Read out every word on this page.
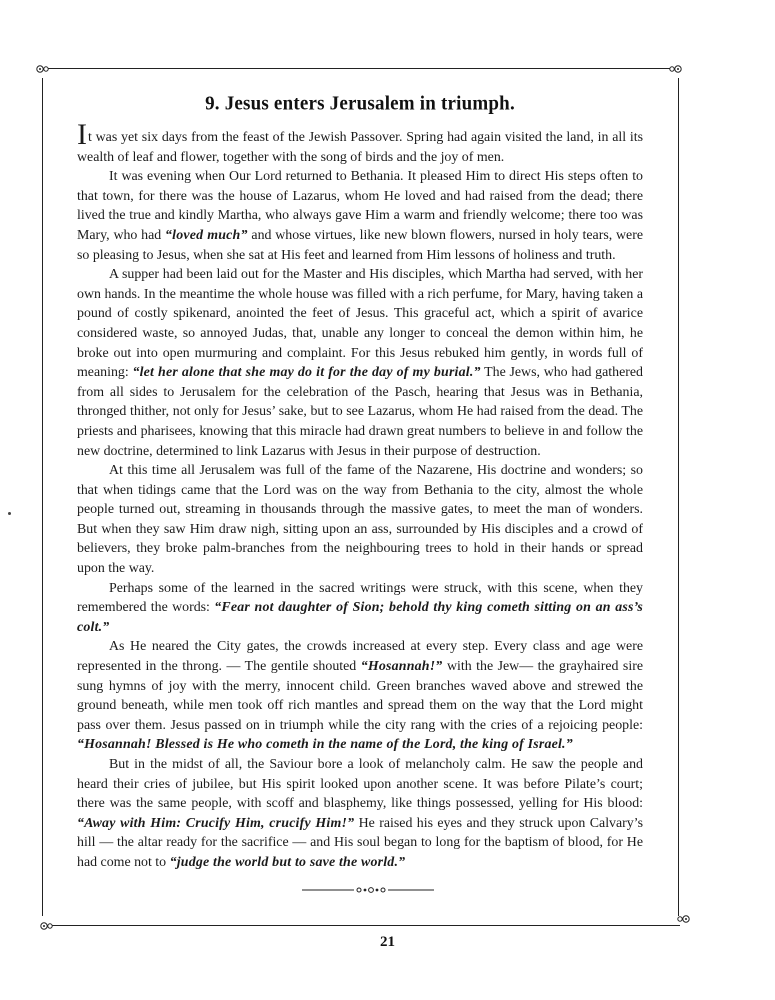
9. Jesus enters Jerusalem in triumph.

It was yet six days from the feast of the Jewish Passover. Spring had again visited the land, in all its wealth of leaf and flower, together with the song of birds and the joy of men.

It was evening when Our Lord returned to Bethania. It pleased Him to direct His steps often to that town, for there was the house of Lazarus, whom He loved and had raised from the dead; there lived the true and kindly Martha, who always gave Him a warm and friendly welcome; there too was Mary, who had “loved much” and whose virtues, like new blown flowers, nursed in holy tears, were so pleasing to Jesus, when she sat at His feet and learned from Him lessons of holiness and truth.

A supper had been laid out for the Master and His disciples, which Martha had served, with her own hands. In the meantime the whole house was filled with a rich perfume, for Mary, having taken a pound of costly spikenard, anointed the feet of Jesus. This graceful act, which a spirit of avarice considered waste, so annoyed Judas, that, unable any longer to conceal the demon within him, he broke out into open murmuring and complaint. For this Jesus rebuked him gently, in words full of meaning: “let her alone that she may do it for the day of my burial.” The Jews, who had gathered from all sides to Jerusalem for the celebration of the Pasch, hearing that Jesus was in Bethania, thronged thither, not only for Jesus’ sake, but to see Lazarus, whom He had raised from the dead. The priests and pharisees, knowing that this miracle had drawn great numbers to believe in and follow the new doctrine, determined to link Lazarus with Jesus in their purpose of destruction.

At this time all Jerusalem was full of the fame of the Nazarene, His doctrine and wonders; so that when tidings came that the Lord was on the way from Bethania to the city, almost the whole people turned out, streaming in thousands through the massive gates, to meet the man of wonders. But when they saw Him draw nigh, sitting upon an ass, surrounded by His disciples and a crowd of believers, they broke palm-branches from the neighbouring trees to hold in their hands or spread upon the way.

Perhaps some of the learned in the sacred writings were struck, with this scene, when they remembered the words: “Fear not daughter of Sion; behold thy king cometh sitting on an ass’s colt.”

As He neared the City gates, the crowds increased at every step. Every class and age were represented in the throng. — The gentile shouted “Hosannah!” with the Jew— the grayhaired sire sung hymns of joy with the merry, innocent child. Green branches waved above and strewed the ground beneath, while men took off rich mantles and spread them on the way that the Lord might pass over them. Jesus passed on in triumph while the city rang with the cries of a rejoicing people: “Hosannah! Blessed is He who cometh in the name of the Lord, the king of Israel.”

But in the midst of all, the Saviour bore a look of melancholy calm. He saw the people and heard their cries of jubilee, but His spirit looked upon another scene. It was before Pilate’s court; there was the same people, with scoff and blasphemy, like things possessed, yelling for His blood: “Away with Him: Crucify Him, crucify Him!” He raised his eyes and they struck upon Calvary’s hill — the altar ready for the sacrifice — and His soul began to long for the baptism of blood, for He had come not to “judge the world but to save the world.”

21
